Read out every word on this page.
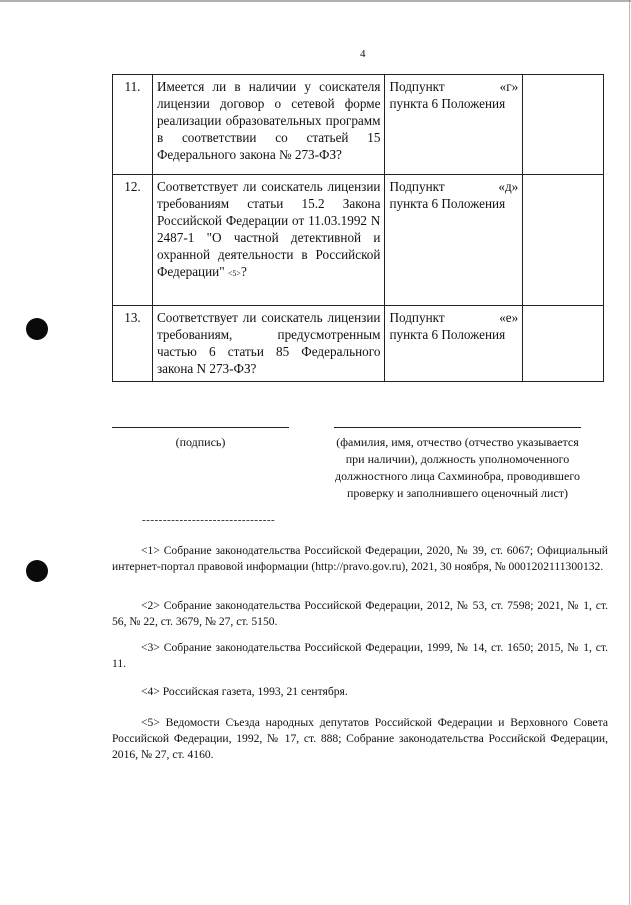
4
11.	Имеется ли в наличии у соискателя лицензии договор о сетевой форме реализации образовательных программ в соответствии со статьей 15 Федерального закона № 273-ФЗ?	Подпункт «г»
пункта 6 Положения	

12.	Соответствует ли соискатель лицензии требованиям статьи 15.2 Закона Российской Федерации от 11.03.1992 N 2487-1 "О частной детективной и охранной деятельности в Российской Федерации" <5>?	Подпункт «д»
пункта 6 Положения	

13.	Соответствует ли соискатель лицензии требованиям, предусмотренным частью 6 статьи 85 Федерального закона N 273-ФЗ?	Подпункт «е»
пункта 6 Положения	

(подпись)	(фамилия, имя, отчество (отчество указывается при наличии), должность уполномоченного должностного лица Сахминобра, проводившего проверку и заполнившего оценочный лист)
--------------------------------
<1> Собрание законодательства Российской Федерации, 2020, № 39, ст. 6067; Официальный интернет-портал правовой информации (http://pravo.gov.ru), 2021, 30 ноября, № 0001202111300132.
<2> Собрание законодательства Российской Федерации, 2012, № 53, ст. 7598; 2021, № 1, ст. 56, № 22, ст. 3679, № 27, ст. 5150.
<3> Собрание законодательства Российской Федерации, 1999, № 14, ст. 1650; 2015, № 1, ст. 11.
<4> Российская газета, 1993, 21 сентября.
<5> Ведомости Съезда народных депутатов Российской Федерации и Верховного Совета Российской Федерации, 1992, № 17, ст. 888; Собрание законодательства Российской Федерации, 2016, № 27, ст. 4160.
